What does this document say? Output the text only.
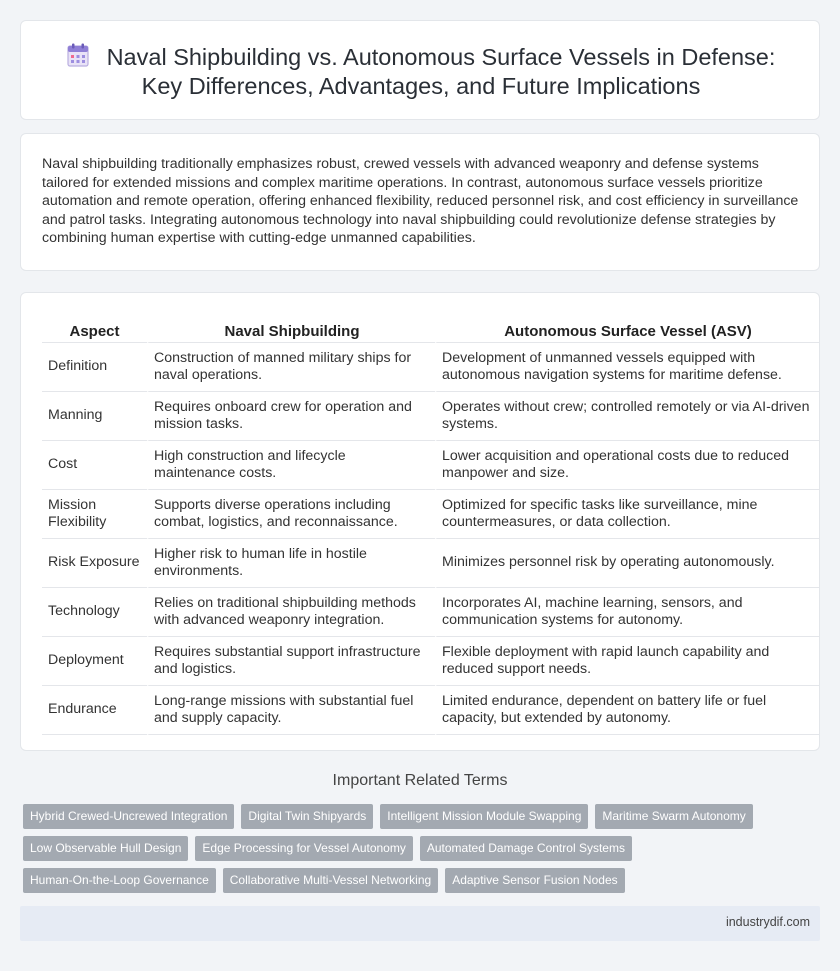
Naval Shipbuilding vs. Autonomous Surface Vessels in Defense:
Key Differences, Advantages, and Future Implications

Naval shipbuilding traditionally emphasizes robust, crewed vessels with advanced weaponry and defense systems tailored for extended missions and complex maritime operations. In contrast, autonomous surface vessels prioritize automation and remote operation, offering enhanced flexibility, reduced personnel risk, and cost efficiency in surveillance and patrol tasks. Integrating autonomous technology into naval shipbuilding could revolutionize defense strategies by combining human expertise with cutting-edge unmanned capabilities.

Aspect	Naval Shipbuilding	Autonomous Surface Vessel (ASV)
Definition	Construction of manned military ships for naval operations.	Development of unmanned vessels equipped with autonomous navigation systems for maritime defense.
Manning	Requires onboard crew for operation and mission tasks.	Operates without crew; controlled remotely or via AI-driven systems.
Cost	High construction and lifecycle maintenance costs.	Lower acquisition and operational costs due to reduced manpower and size.
Mission Flexibility	Supports diverse operations including combat, logistics, and reconnaissance.	Optimized for specific tasks like surveillance, mine countermeasures, or data collection.
Risk Exposure	Higher risk to human life in hostile environments.	Minimizes personnel risk by operating autonomously.
Technology	Relies on traditional shipbuilding methods with advanced weaponry integration.	Incorporates AI, machine learning, sensors, and communication systems for autonomy.
Deployment	Requires substantial support infrastructure and logistics.	Flexible deployment with rapid launch capability and reduced support needs.
Endurance	Long-range missions with substantial fuel and supply capacity.	Limited endurance, dependent on battery life or fuel capacity, but extended by autonomy.
Important Related Terms
Hybrid Crewed-Uncrewed Integration	Digital Twin Shipyards	Intelligent Mission Module Swapping	Maritime Swarm Autonomy
Low Observable Hull Design	Edge Processing for Vessel Autonomy	Automated Damage Control Systems
Human-On-the-Loop Governance	Collaborative Multi-Vessel Networking	Adaptive Sensor Fusion Nodes
industrydif.com
